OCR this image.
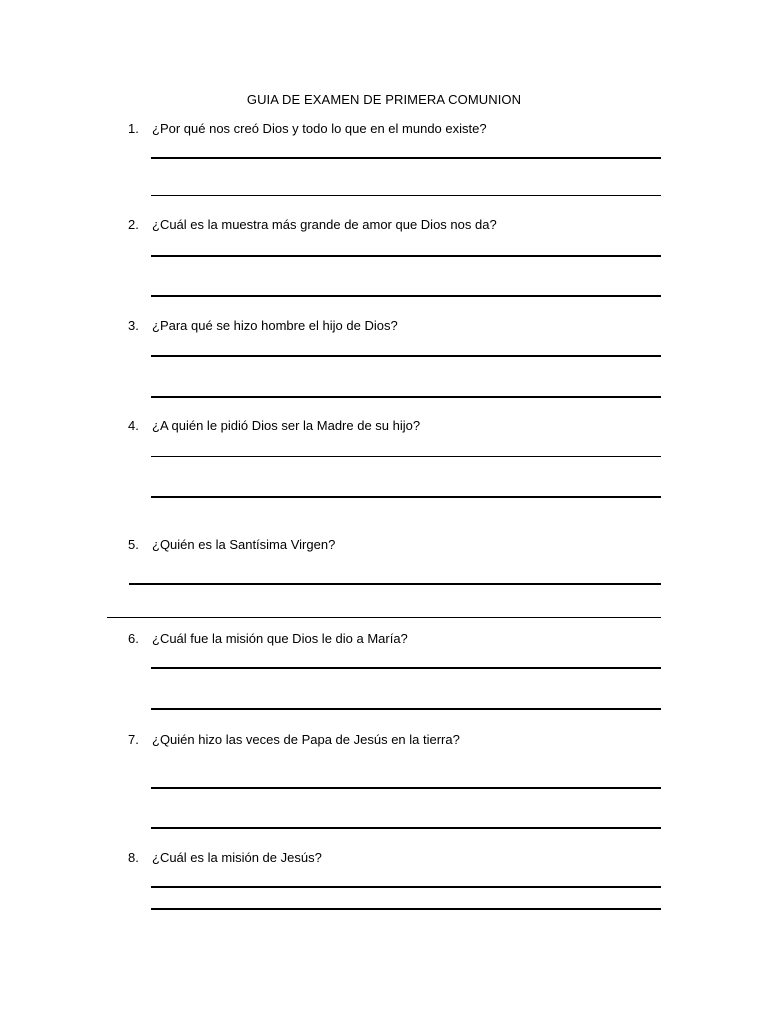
GUIA DE EXAMEN DE PRIMERA COMUNION
1. ¿Por qué nos creó Dios y todo lo que en el mundo existe?
2. ¿Cuál es la muestra más grande de amor que Dios nos da?
3. ¿Para qué se hizo hombre el hijo de Dios?
4. ¿A quién le pidió Dios ser la Madre de su hijo?
5. ¿Quién es la Santísima Virgen?
6. ¿Cuál fue la misión que Dios le dio a María?
7. ¿Quién hizo las veces de Papa de Jesús en la tierra?
8. ¿Cuál es la misión de Jesús?
